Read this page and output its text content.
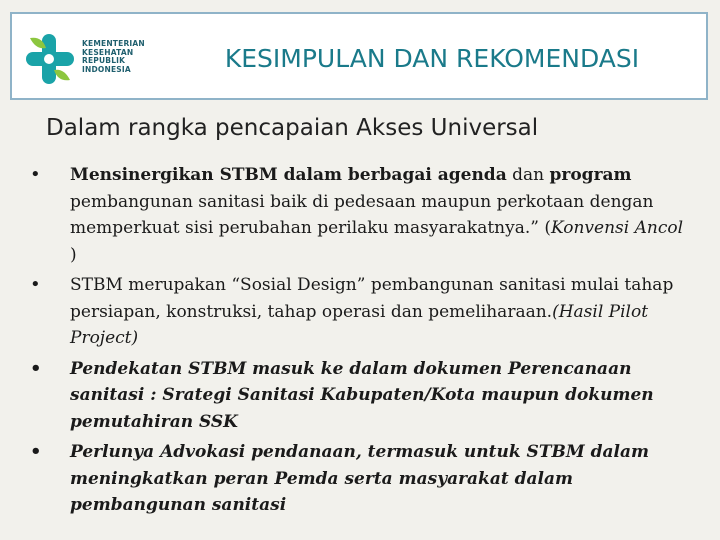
KEMENTERIAN
KESEHATAN
REPUBLIK
INDONESIA	KESIMPULAN DAN REKOMENDASI
Dalam rangka pencapaian Akses Universal
• Mensinergikan STBM dalam berbagai agenda dan program pembangunan sanitasi baik di pedesaan maupun perkotaan dengan memperkuat sisi perubahan perilaku masyarakatnya.” (Konvensi Ancol )
• STBM merupakan “Sosial Design” pembangunan sanitasi mulai tahap persiapan, konstruksi, tahap operasi dan pemeliharaan.(Hasil Pilot Project)
• Pendekatan STBM masuk ke dalam dokumen Perencanaan sanitasi : Srategi Sanitasi Kabupaten/Kota maupun dokumen pemutahiran SSK
• Perlunya Advokasi pendanaan, termasuk untuk STBM dalam meningkatkan peran Pemda serta masyarakat dalam pembangunan sanitasi
